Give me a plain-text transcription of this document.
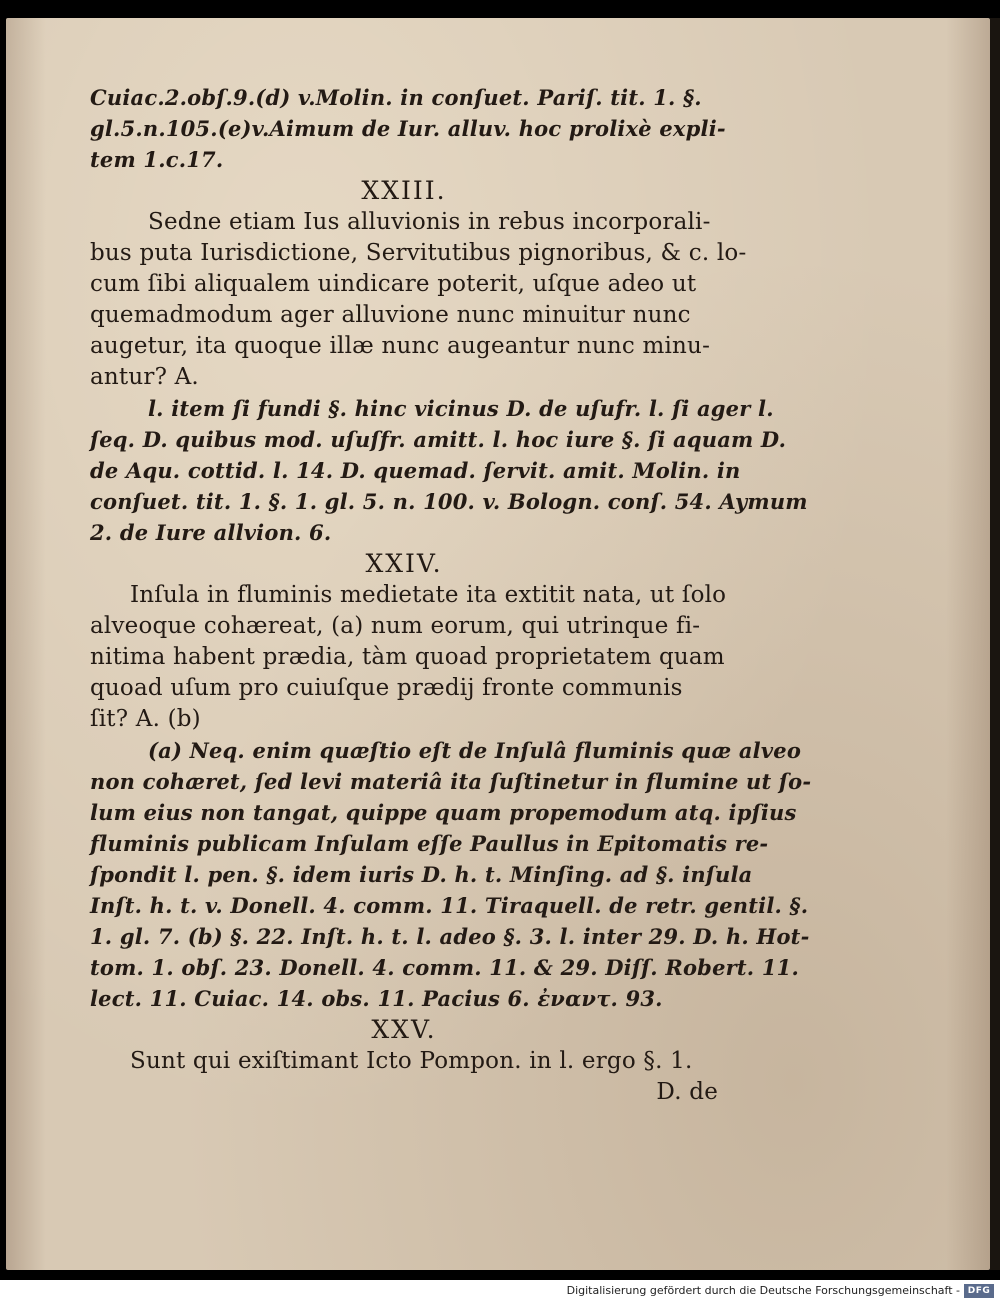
Cuiac.2.obſ.9.(d) v.Molin. in conſuet. Pariſ. tit. 1. §.
gl.5.n.105.(e)v.Aimum de Iur. alluv. hoc prolixè expli-
tem 1.c.17.
XXIII.
Sedne etiam Ius alluvionis in rebus incorporali-
bus puta Iurisdictione, Servitutibus pignoribus, & c. lo-
cum ſibi aliqualem uindicare poterit, uſque adeo ut
quemadmodum ager alluvione nunc minuitur nunc
augetur, ita quoque illæ nunc augeantur nunc minu-
antur? A.
l. item ſi fundi §. hinc vicinus D. de uſufr. l. ſi ager l.
ſeq. D. quibus mod. uſuſfr. amitt. l. hoc iure §. ſi aquam D.
de Aqu. cottid. l. 14. D. quemad. ſervit. amit. Molin. in
conſuet. tit. 1. §. 1. gl. 5. n. 100. v. Bologn. conſ. 54. Aymum
2. de Iure allvion. 6.
XXIV.
Inſula in fluminis medietate ita extitit nata, ut ſolo
alveoque cohæreat, (a) num eorum, qui utrinque fi-
nitima habent prædia, tàm quoad proprietatem quam
quoad uſum pro cuiuſque prædij fronte communis
ſit? A. (b)
(a) Neq. enim quæſtio eſt de Inſulâ fluminis quæ alveo
non cohæret, ſed levi materiâ ita ſuſtinetur in flumine ut ſo-
lum eius non tangat, quippe quam propemodum atq. ipſius
fluminis publicam Inſulam eſſe Paullus in Epitomatis re-
ſpondit l. pen. §. idem iuris D. h. t. Minſing. ad §. inſula
Inſt. h. t. v. Donell. 4. comm. 11. Tiraquell. de retr. gentil. §.
1. gl. 7. (b) §. 22. Inſt. h. t. l. adeo §. 3. l. inter 29. D. h. Hot-
tom. 1. obſ. 23. Donell. 4. comm. 11. & 29. Diſſ. Robert. 11.
lect. 11. Cuiac. 14. obs. 11. Pacius 6. ἐναντ. 93.
XXV.
Sunt qui exiſtimant Icto Pompon. in l. ergo §. 1.
D. de
Digitalisierung gefördert durch die Deutsche Forschungsgemeinschaft - DFG
